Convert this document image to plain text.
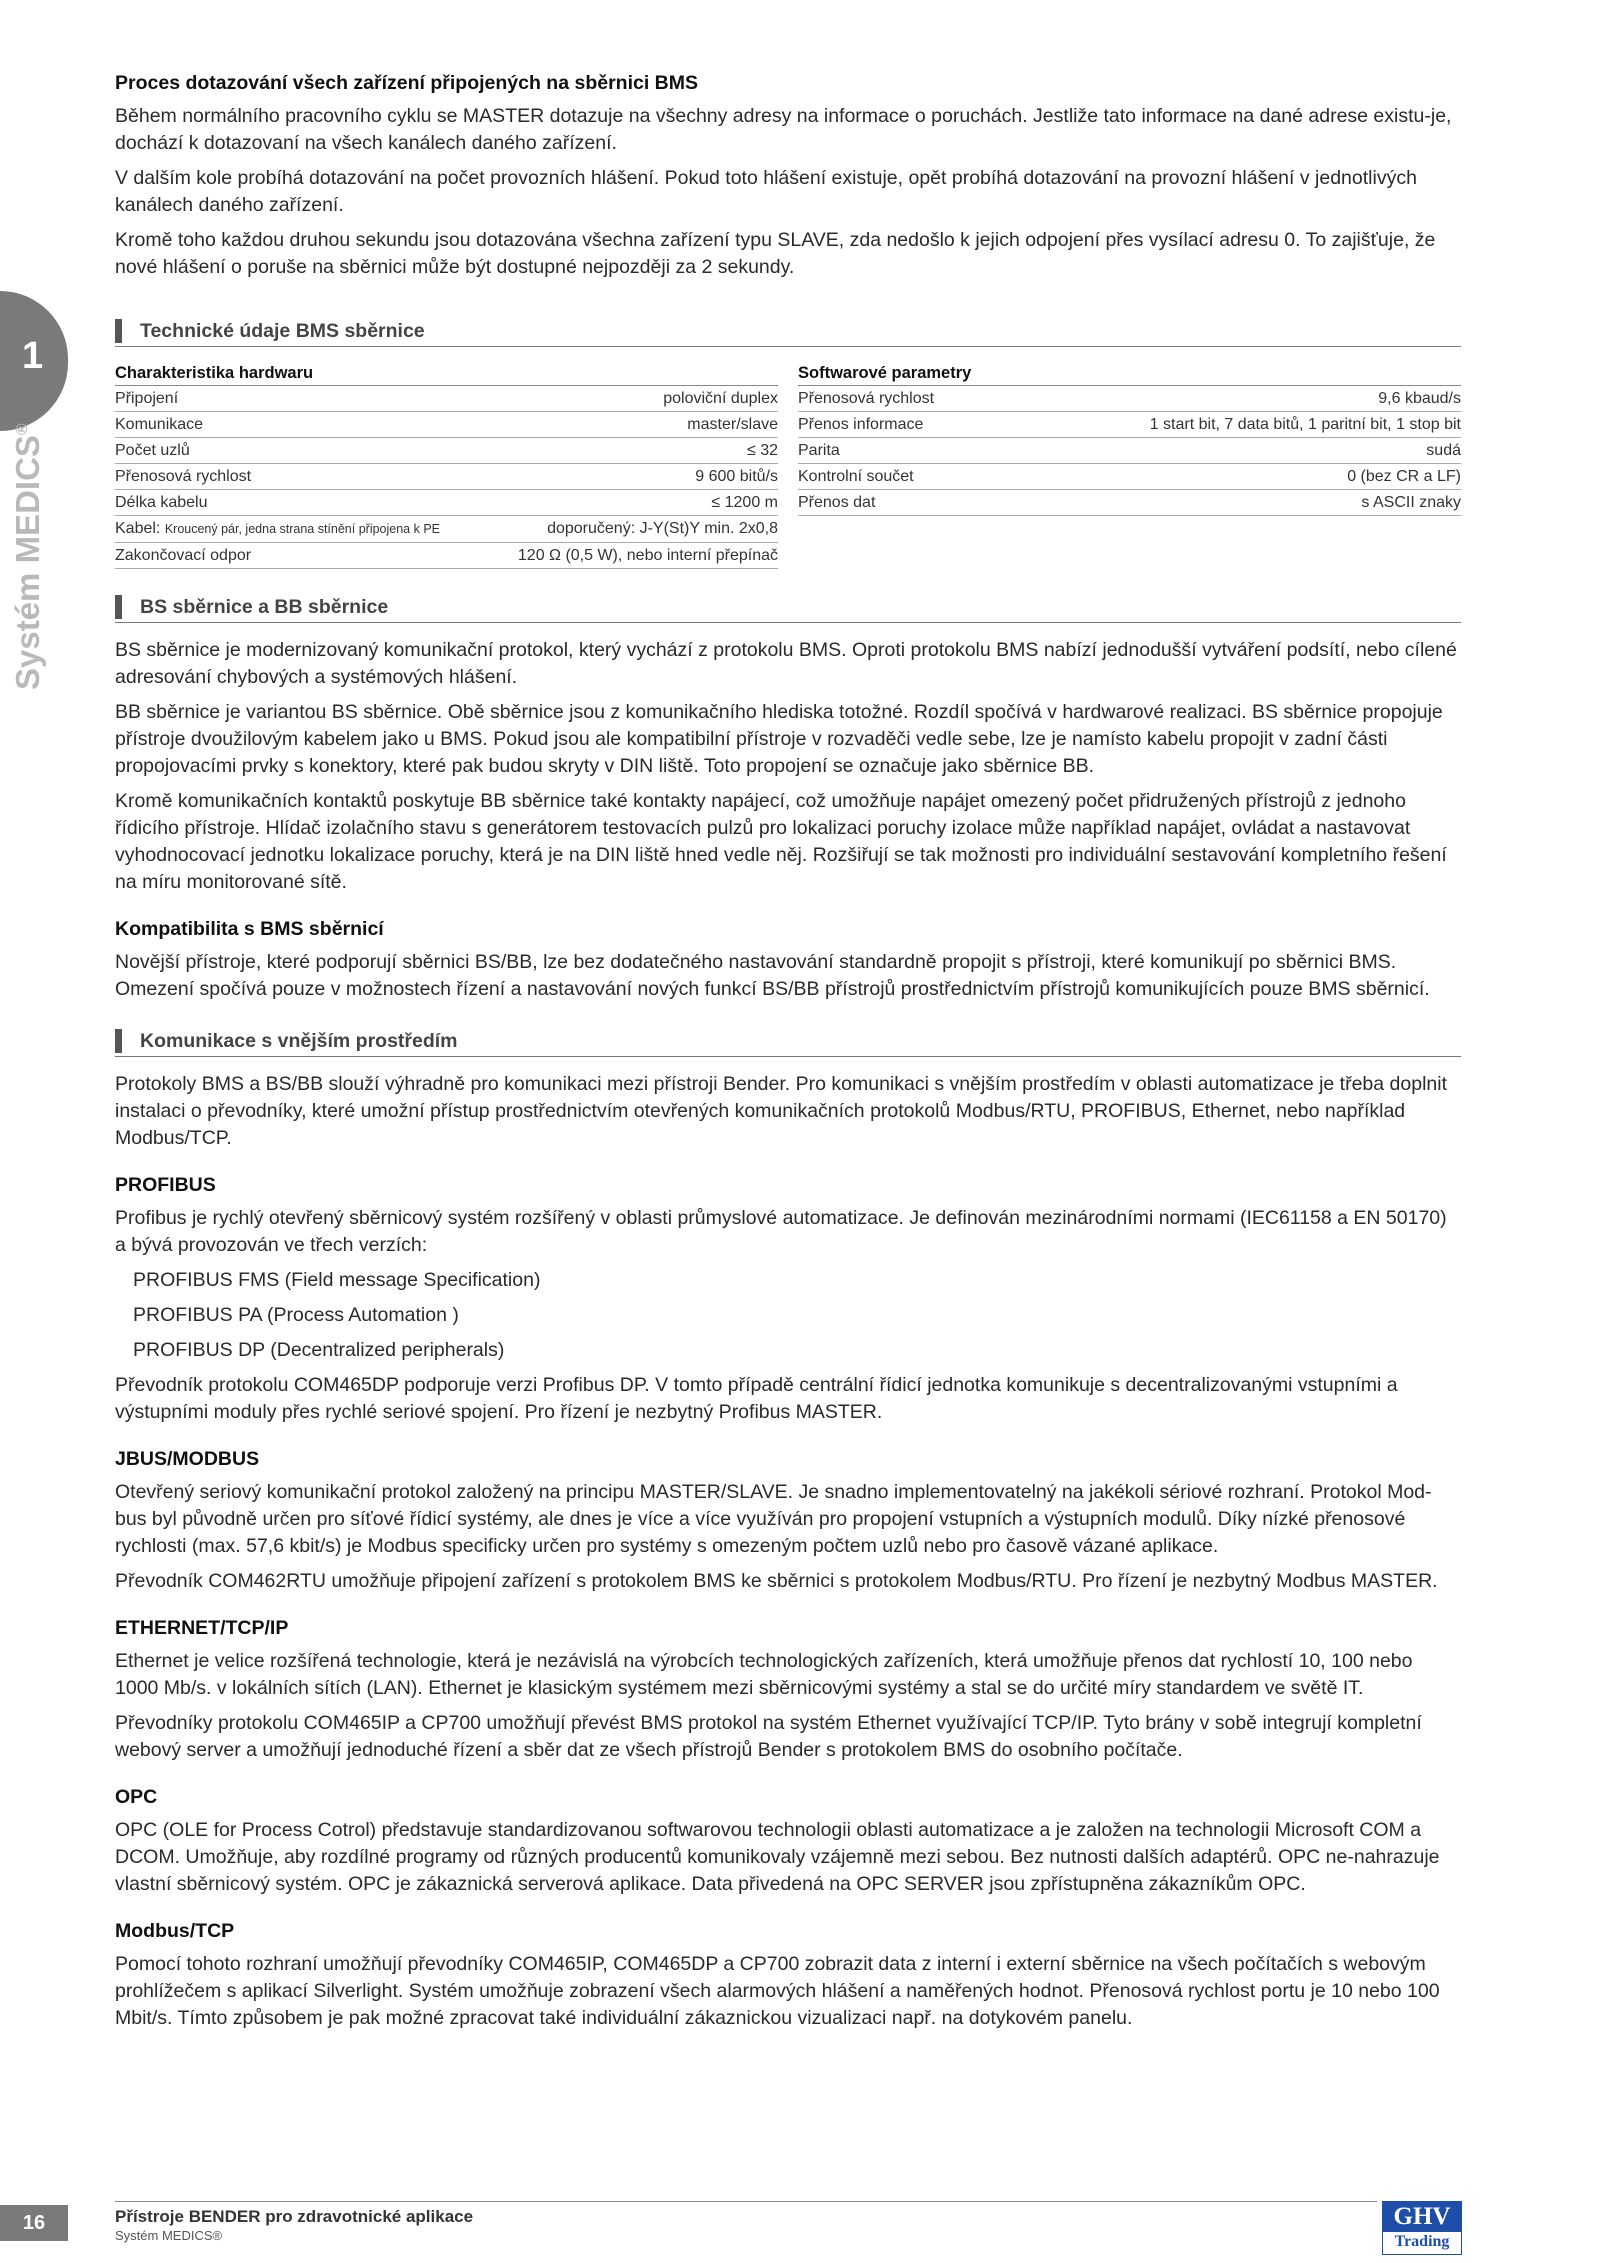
1
Systém MEDICS®
Proces dotazování všech zařízení připojených na sběrnici BMS

Během normálního pracovního cyklu se MASTER dotazuje na všechny adresy na informace o poruchách. Jestliže tato informace na dané adrese existu-je, dochází k dotazovaní na všech kanálech daného zařízení.

V dalším kole probíhá dotazování na počet provozních hlášení. Pokud toto hlášení existuje, opět probíhá dotazování na provozní hlášení v jednotlivých kanálech daného zařízení.

Kromě toho každou druhou sekundu jsou dotazována všechna zařízení typu SLAVE, zda nedošlo k jejich odpojení přes vysílací adresu 0. To zajišťuje, že nové hlášení o poruše na sběrnici může být dostupné nejpozději za 2 sekundy.

Technické údaje BMS sběrnice
Charakteristika hardwaru
Připojení	poloviční duplex
Komunikace	master/slave
Počet uzlů	≤ 32
Přenosová rychlost	9 600 bitů/s
Délka kabelu	≤ 1200 m
Kabel: Kroucený pár, jedna strana stínění připojena k PE	doporučený: J-Y(St)Y min. 2x0,8
Zakončovací odpor	120 Ω (0,5 W), nebo interní přepínač
Softwarové parametry
Přenosová rychlost	9,6 kbaud/s
Přenos informace	1 start bit, 7 data bitů, 1 paritní bit, 1 stop bit
Parita	sudá
Kontrolní součet	0 (bez CR a LF)
Přenos dat	s ASCII znaky
BS sběrnice a BB sběrnice

BS sběrnice je modernizovaný komunikační protokol, který vychází z protokolu BMS. Oproti protokolu BMS nabízí jednodušší vytváření podsítí, nebo cílené adresování chybových a systémových hlášení.

BB sběrnice je variantou BS sběrnice. Obě sběrnice jsou z komunikačního hlediska totožné. Rozdíl spočívá v hardwarové realizaci. BS sběrnice propojuje přístroje dvoužilovým kabelem jako u BMS. Pokud jsou ale kompatibilní přístroje v rozvaděči vedle sebe, lze je namísto kabelu propojit v zadní části propojovacími prvky s konektory, které pak budou skryty v DIN liště. Toto propojení se označuje jako sběrnice BB.

Kromě komunikačních kontaktů poskytuje BB sběrnice také kontakty napájecí, což umožňuje napájet omezený počet přidružených přístrojů z jednoho řídicího přístroje. Hlídač izolačního stavu s generátorem testovacích pulzů pro lokalizaci poruchy izolace může například napájet, ovládat a nastavovat vyhodnocovací jednotku lokalizace poruchy, která je na DIN liště hned vedle něj. Rozšiřují se tak možnosti pro individuální sestavování kompletního řešení na míru monitorované sítě.

Kompatibilita s BMS sběrnicí

Novější přístroje, které podporují sběrnici BS/BB, lze bez dodatečného nastavování standardně propojit s přístroji, které komunikují po sběrnici BMS. Omezení spočívá pouze v možnostech řízení a nastavování nových funkcí BS/BB přístrojů prostřednictvím přístrojů komunikujících pouze BMS sběrnicí.

Komunikace s vnějším prostředím

Protokoly BMS a BS/BB slouží výhradně pro komunikaci mezi přístroji Bender. Pro komunikaci s vnějším prostředím v oblasti automatizace je třeba doplnit instalaci o převodníky, které umožní přístup prostřednictvím otevřených komunikačních protokolů Modbus/RTU, PROFIBUS, Ethernet, nebo například Modbus/TCP.

PROFIBUS

Profibus je rychlý otevřený sběrnicový systém rozšířený v oblasti průmyslové automatizace. Je definován mezinárodními normami (IEC61158 a EN 50170) a bývá provozován ve třech verzích:

PROFIBUS FMS (Field message Specification)
PROFIBUS PA (Process Automation )
PROFIBUS DP (Decentralized peripherals)

Převodník protokolu COM465DP podporuje verzi Profibus DP. V tomto případě centrální řídicí jednotka komunikuje s decentralizovanými vstupními a výstupními moduly přes rychlé seriové spojení. Pro řízení je nezbytný Profibus MASTER.

JBUS/MODBUS

Otevřený seriový komunikační protokol založený na principu MASTER/SLAVE. Je snadno implementovatelný na jakékoli sériové rozhraní. Protokol Mod-bus byl původně určen pro síťové řídicí systémy, ale dnes je více a více využíván pro propojení vstupních a výstupních modulů. Díky nízké přenosové rychlosti (max. 57,6 kbit/s) je Modbus specificky určen pro systémy s omezeným počtem uzlů nebo pro časově vázané aplikace.

Převodník COM462RTU umožňuje připojení zařízení s protokolem BMS ke sběrnici s protokolem Modbus/RTU. Pro řízení je nezbytný Modbus MASTER.

ETHERNET/TCP/IP

Ethernet je velice rozšířená technologie, která je nezávislá na výrobcích technologických zařízeních, která umožňuje přenos dat rychlostí 10, 100 nebo 1000 Mb/s. v lokálních sítích (LAN). Ethernet je klasickým systémem mezi sběrnicovými systémy a stal se do určité míry standardem ve světě IT.

Převodníky protokolu COM465IP a CP700 umožňují převést BMS protokol na systém Ethernet využívající TCP/IP. Tyto brány v sobě integrují kompletní webový server a umožňují jednoduché řízení a sběr dat ze všech přístrojů Bender s protokolem BMS do osobního počítače.

OPC

OPC (OLE for Process Cotrol) představuje standardizovanou softwarovou technologii oblasti automatizace a je založen na technologii Microsoft COM a DCOM. Umožňuje, aby rozdílné programy od různých producentů komunikovaly vzájemně mezi sebou. Bez nutnosti dalších adaptérů. OPC ne-nahrazuje vlastní sběrnicový systém. OPC je zákaznická serverová aplikace. Data přivedená na OPC SERVER jsou zpřístupněna zákazníkům OPC.

Modbus/TCP

Pomocí tohoto rozhraní umožňují převodníky COM465IP, COM465DP a CP700 zobrazit data z interní i externí sběrnice na všech počítačích s webovým prohlížečem s aplikací Silverlight. Systém umožňuje zobrazení všech alarmových hlášení a naměřených hodnot. Přenosová rychlost portu je 10 nebo 100 Mbit/s. Tímto způsobem je pak možné zpracovat také individuální zákaznickou vizualizaci např. na dotykovém panelu.

16	Přístroje BENDER pro zdravotnické aplikace
Systém MEDICS®
GHV
Trading
